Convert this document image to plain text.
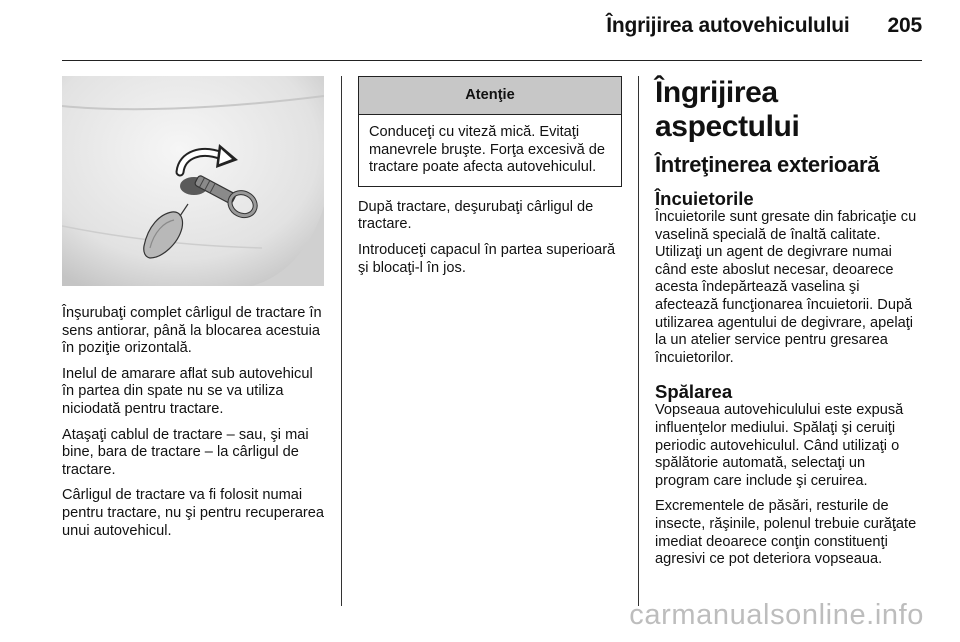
Îngrijirea autovehiculului 205

Înşurubaţi complet cârligul de tractare în sens antiorar, până la blocarea acestuia în poziţie orizontală.

Inelul de amarare aflat sub autovehicul în partea din spate nu se va utiliza niciodată pentru tractare.

Ataşaţi cablul de tractare – sau, şi mai bine, bara de tractare – la cârligul de tractare.

Cârligul de tractare va fi folosit numai pentru tractare, nu şi pentru recuperarea unui autovehicul.

Atenţie
Conduceţi cu viteză mică. Evitaţi manevrele bruşte. Forţa excesivă de tractare poate afecta autovehiculul.

După tractare, deşurubaţi cârligul de tractare.

Introduceţi capacul în partea superioară şi blocaţi-l în jos.

Îngrijirea aspectului
Întreţinerea exterioară
Încuietorile

Încuietorile sunt gresate din fabricaţie cu vaselină specială de înaltă calitate. Utilizaţi un agent de degivrare numai când este aboslut necesar, deoarece acesta îndepărtează vaselina şi afectează funcţionarea încuietorii. După utilizarea agentului de degivrare, apelaţi la un atelier service pentru gresarea încuietorilor.

Spălarea

Vopseaua autovehiculului este expusă influenţelor mediului. Spălaţi şi ceruiţi periodic autovehiculul. Când utilizaţi o spălătorie automată, selectaţi un program care include şi ceruirea.

Excrementele de păsări, resturile de insecte, răşinile, polenul trebuie curăţate imediat deoarece conţin constituenţi agresivi ce pot deteriora vopseaua.

carmanualsonline.info
